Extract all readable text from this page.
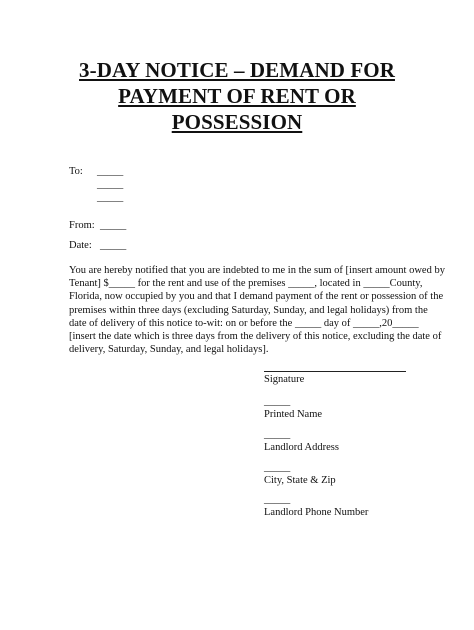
3-DAY NOTICE – DEMAND FOR
PAYMENT OF RENT OR
POSSESSION
To: _____
_____
_____
From: _____
Date: _____
You are hereby notified that you are indebted to me in the sum of [insert amount owed by
Tenant] $_____ for the rent and use of the premises _____, located in _____County,
Florida, now occupied by you and that I demand payment of the rent or possession of the
premises within three days (excluding Saturday, Sunday, and legal holidays) from the
date of delivery of this notice to-wit: on or before the _____ day of _____,20_____
[insert the date which is three days from the delivery of this notice, excluding the date of
delivery, Saturday, Sunday, and legal holidays].
Signature
_____
Printed Name
_____
Landlord Address
_____
City, State & Zip
_____
Landlord Phone Number
